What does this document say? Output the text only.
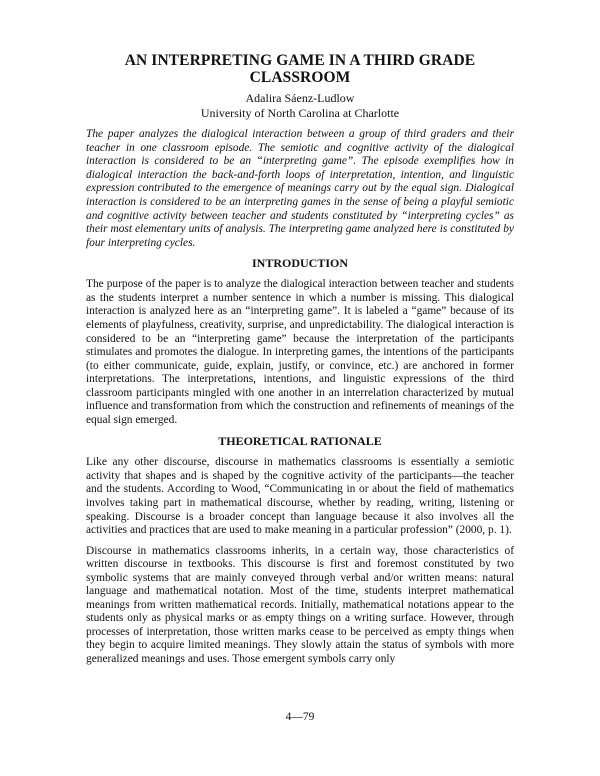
AN INTERPRETING GAME IN A THIRD GRADE CLASSROOM
Adalira Sáenz-Ludlow
University of North Carolina at Charlotte
The paper analyzes the dialogical interaction between a group of third graders and their teacher in one classroom episode. The semiotic and cognitive activity of the dialogical interaction is considered to be an “interpreting game”. The episode exemplifies how in dialogical interaction the back-and-forth loops of interpretation, intention, and linguistic expression contributed to the emergence of meanings carry out by the equal sign. Dialogical interaction is considered to be an interpreting games in the sense of being a playful semiotic and cognitive activity between teacher and students constituted by “interpreting cycles” as their most elementary units of analysis. The interpreting game analyzed here is constituted by four interpreting cycles.
INTRODUCTION

The purpose of the paper is to analyze the dialogical interaction between teacher and students as the students interpret a number sentence in which a number is missing. This dialogical interaction is analyzed here as an “interpreting game”. It is labeled a “game” because of its elements of playfulness, creativity, surprise, and unpredictability. The dialogical interaction is considered to be an “interpreting game” because the interpretation of the participants stimulates and promotes the dialogue. In interpreting games, the intentions of the participants (to either communicate, guide, explain, justify, or convince, etc.) are anchored in former interpretations. The interpretations, intentions, and linguistic expressions of the third classroom participants mingled with one another in an interrelation characterized by mutual influence and transformation from which the construction and refinements of meanings of the equal sign emerged.

THEORETICAL RATIONALE

Like any other discourse, discourse in mathematics classrooms is essentially a semiotic activity that shapes and is shaped by the cognitive activity of the participants—the teacher and the students. According to Wood, “Communicating in or about the field of mathematics involves taking part in mathematical discourse, whether by reading, writing, listening or speaking. Discourse is a broader concept than language because it also involves all the activities and practices that are used to make meaning in a particular profession” (2000, p. 1).

Discourse in mathematics classrooms inherits, in a certain way, those characteristics of written discourse in textbooks. This discourse is first and foremost constituted by two symbolic systems that are mainly conveyed through verbal and/or written means: natural language and mathematical notation. Most of the time, students interpret mathematical meanings from written mathematical records. Initially, mathematical notations appear to the students only as physical marks or as empty things on a writing surface. However, through processes of interpretation, those written marks cease to be perceived as empty things when they begin to acquire limited meanings. They slowly attain the status of symbols with more generalized meanings and uses. Those emergent symbols carry only

4—79
